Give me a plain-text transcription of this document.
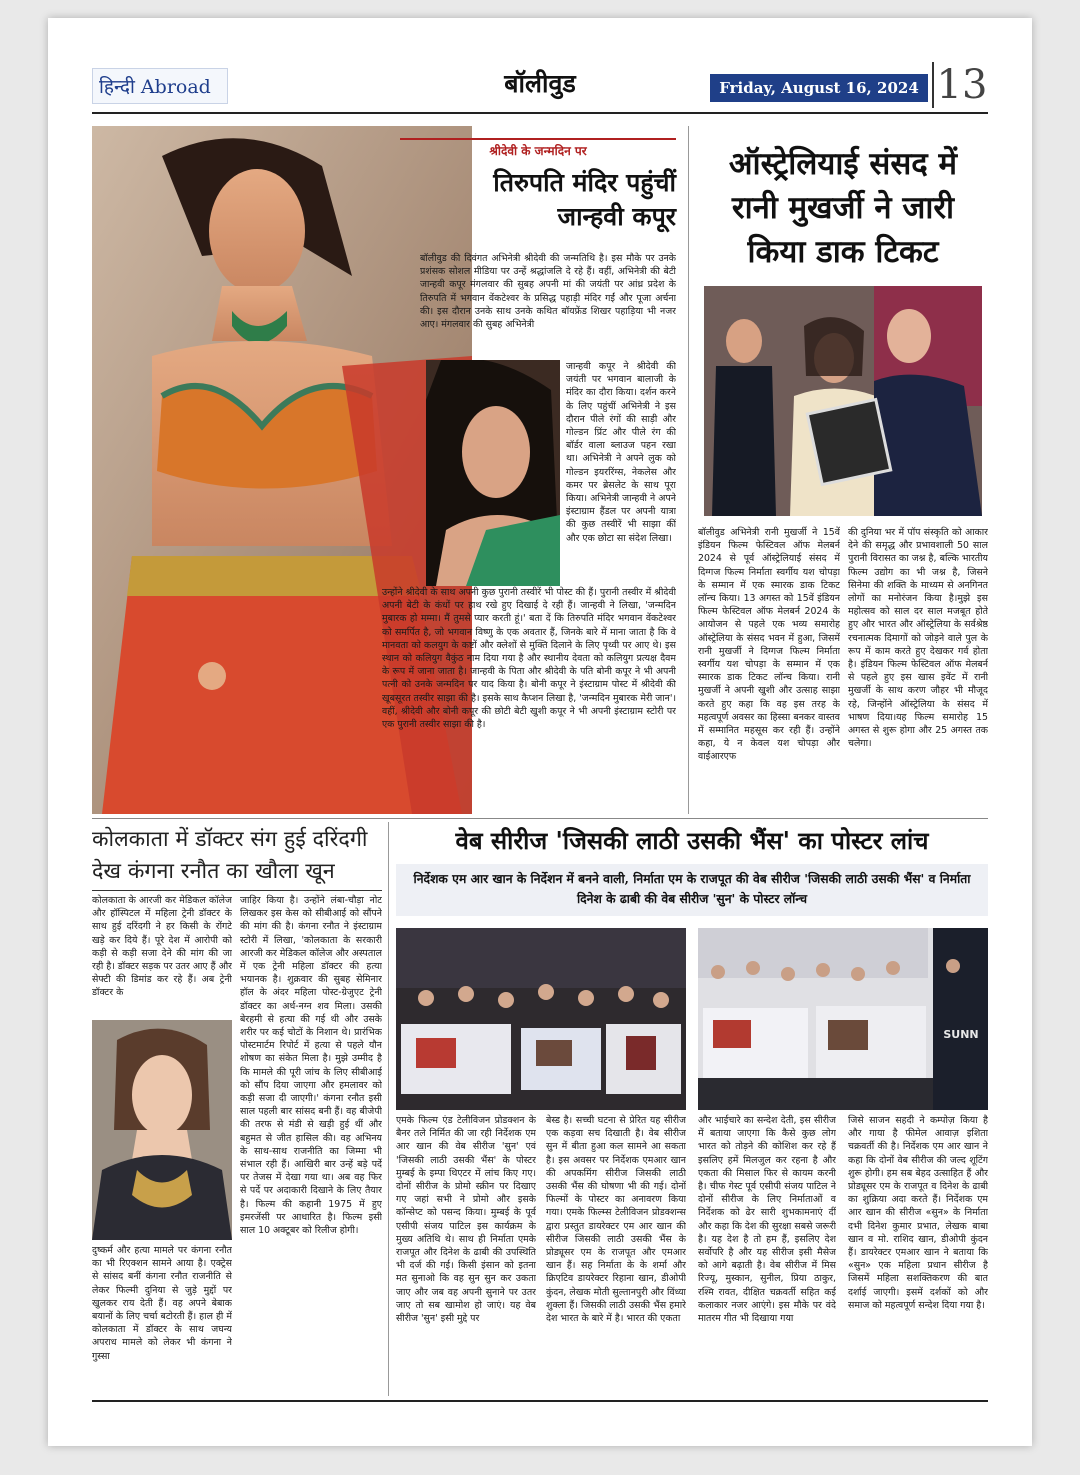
हिन्दी Abroad	बॉलीवुड	Friday, August 16, 2024 13
श्रीदेवी के जन्मदिन पर
तिरुपति मंदिर पहुंचीं
जान्हवी कपूर
बॉलीवुड की दिवंगत अभिनेत्री श्रीदेवी की जन्मतिथि है। इस मौके पर उनके प्रशंसक सोशल मीडिया पर उन्हें श्रद्धांजलि दे रहे हैं। वहीं, अभिनेत्री की बेटी जान्हवी कपूर मंगलवार की सुबह अपनी मां की जयंती पर आंध्र प्रदेश के तिरुपति में भगवान वेंकटेश्वर के प्रसिद्ध पहाड़ी मंदिर गईं और पूजा अर्चना की। इस दौरान उनके साथ उनके कथित बॉयफ्रेंड शिखर पहाड़िया भी नजर आए। मंगलवार की सुबह अभिनेत्री
जान्हवी कपूर ने श्रीदेवी की जयंती पर भगवान बालाजी के मंदिर का दौरा किया। दर्शन करने के लिए पहुंचीं अभिनेत्री ने इस दौरान पीले रंगों की साड़ी और गोल्डन प्रिंट और पीले रंग की बॉर्डर वाला ब्लाउज पहन रखा था। अभिनेत्री ने अपने लुक को गोल्डन इयररिंग्स, नेकलेस और कमर पर ब्रेसलेट के साथ पूरा किया। अभिनेत्री जान्हवी ने अपने इंस्टाग्राम हैंडल पर अपनी यात्रा की कुछ तस्वीरें भी साझा कीं और एक छोटा सा संदेश लिखा।
उन्होंने श्रीदेवी के साथ अपनी कुछ पुरानी तस्वीरें भी पोस्ट की हैं। पुरानी तस्वीर में श्रीदेवी अपनी बेटी के कंधों पर हाथ रखे हुए दिखाई दे रही हैं। जान्हवी ने लिखा, 'जन्मदिन मुबारक हो मम्मा। मैं तुमसे प्यार करती हूं।' बता दें कि तिरुपति मंदिर भगवान वेंकटेश्वर को समर्पित है, जो भगवान विष्णु के एक अवतार हैं, जिनके बारे में माना जाता है कि वे मानवता को कलयुग के कष्टों और क्लेशों से मुक्ति दिलाने के लिए पृथ्वी पर आए थे। इस स्थान को कलियुग वैकुंठ नाम दिया गया है और स्थानीय देवता को कलियुग प्रत्यक्ष दैवम के रूप में जाना जाता है। जान्हवी के पिता और श्रीदेवी के पति बोनी कपूर ने भी अपनी पत्नी को उनके जन्मदिन पर याद किया है। बोनी कपूर ने इंस्टाग्राम पोस्ट में श्रीदेवी की खूबसूरत तस्वीर साझा की है। इसके साथ कैप्शन लिखा है, 'जन्मदिन मुबारक मेरी जान'। वहीं, श्रीदेवी और बोनी कपूर की छोटी बेटी खुशी कपूर ने भी अपनी इंस्टाग्राम स्टोरी पर एक पुरानी तस्वीर साझा की है।
ऑस्ट्रेलियाई संसद में
रानी मुखर्जी ने जारी
किया डाक टिकट
बॉलीवुड अभिनेत्री रानी मुखर्जी ने 15वें इंडियन फिल्म फेस्टिवल ऑफ मेलबर्न 2024 से पूर्व ऑस्ट्रेलियाई संसद में दिग्गज फिल्म निर्माता स्वर्गीय यश चोपड़ा के सम्मान में एक स्मारक डाक टिकट लॉन्च किया। 13 अगस्त को 15वें इंडियन फिल्म फेस्टिवल ऑफ मेलबर्न 2024 के आयोजन से पहले एक भव्य समारोह ऑस्ट्रेलिया के संसद भवन में हुआ, जिसमें रानी मुखर्जी ने दिग्गज फिल्म निर्माता स्वर्गीय यश चोपड़ा के सम्मान में एक स्मारक डाक टिकट लॉन्च किया। रानी मुखर्जी ने अपनी खुशी और उत्साह साझा करते हुए कहा कि वह इस तरह के महत्वपूर्ण अवसर का हिस्सा बनकर वास्तव में सम्मानित महसूस कर रही हैं। उन्होंने कहा, ये न केवल यश चोपड़ा और वाईआरएफ
की दुनिया भर में पॉप संस्कृति को आकार देने की समृद्ध और प्रभावशाली 50 साल पुरानी विरासत का जश्न है, बल्कि भारतीय फिल्म उद्योग का भी जश्न है, जिसने सिनेमा की शक्ति के माध्यम से अनगिनत लोगों का मनोरंजन किया है।मुझे इस महोत्सव को साल दर साल मजबूत होते हुए और भारत और ऑस्ट्रेलिया के सर्वश्रेष्ठ रचनात्मक दिमागों को जोड़ने वाले पुल के रूप में काम करते हुए देखकर गर्व होता है। इंडियन फिल्म फेस्टिवल ऑफ मेलबर्न से पहले हुए इस खास इवेंट में रानी मुखर्जी के साथ करण जौहर भी मौजूद रहे, जिन्होंने ऑस्ट्रेलिया के संसद में भाषण दिया।यह फिल्म समारोह 15 अगस्त से शुरू होगा और 25 अगस्त तक चलेगा।
कोलकाता में डॉक्टर संग हुई दरिंदगी
देख कंगना रनौत का खौला खून
कोलकाता के आरजी कर मेडिकल कॉलेज और हॉस्पिटल में महिला ट्रेनी डॉक्टर के साथ हुई दरिंदगी ने हर किसी के रोंगटे खड़े कर दिये हैं। पूरे देश में आरोपी को कड़ी से कड़ी सजा देने की मांग की जा रही है। डॉक्टर सड़क पर उतर आए हैं और सेफ्टी की डिमांड कर रहे हैं। अब ट्रेनी डॉक्टर के
दुष्कर्म और हत्या मामले पर कंगना रनौत का भी रिएक्शन सामने आया है। एक्ट्रेस से सांसद बनीं कंगना रनौत राजनीति से लेकर फिल्मी दुनिया से जुड़े मुद्दों पर खुलकर राय देती हैं। वह अपने बेबाक बयानों के लिए चर्चा बटोरती हैं। हाल ही में कोलकाता में डॉक्टर के साथ जघन्य अपराध मामले को लेकर भी कंगना ने गुस्सा
जाहिर किया है। उन्होंने लंबा-चौड़ा नोट लिखकर इस केस को सीबीआई को सौंपने की मांग की है। कंगना रनौत ने इंस्टाग्राम स्टोरी में लिखा, 'कोलकाता के सरकारी आरजी कर मेडिकल कॉलेज और अस्पताल में एक ट्रेनी महिला डॉक्टर की हत्या भयानक है। शुक्रवार की सुबह सेमिनार हॉल के अंदर महिला पोस्ट-ग्रेजुएट ट्रेनी डॉक्टर का अर्ध-नग्न शव मिला। उसकी बेरहमी से हत्या की गई थी और उसके शरीर पर कई चोटों के निशान थे। प्रारंभिक पोस्टमार्टम रिपोर्ट में हत्या से पहले यौन शोषण का संकेत मिला है। मुझे उम्मीद है कि मामले की पूरी जांच के लिए सीबीआई को सौंप दिया जाएगा और हमलावर को कड़ी सजा दी जाएगी।' कंगना रनौत इसी साल पहली बार सांसद बनी हैं। वह बीजेपी की तरफ से मंडी से खड़ी हुई थीं और बहुमत से जीत हासिल की। वह अभिनय के साथ-साथ राजनीति का जिम्मा भी संभाल रही हैं। आखिरी बार उन्हें बड़े पर्दे पर तेजस में देखा गया था। अब वह फिर से पर्दे पर अदाकारी दिखाने के लिए तैयार है। फिल्म की कहानी 1975 में हुए इमरजेंसी पर आधारित है। फिल्म इसी साल 10 अक्टूबर को रिलीज होगी।
वेब सीरीज 'जिसकी लाठी उसकी भैंस' का पोस्टर लांच
निर्देशक एम आर खान के निर्देशन में बनने वाली, निर्माता एम के राजपूत की वेब सीरीज 'जिसकी लाठी उसकी भैंस' व निर्माता दिनेश के ढाबी की वेब सीरीज 'सुन' के पोस्टर लॉन्च
SUNN
एमके फिल्म एंड टेलीविजन प्रोडक्शन के बैनर तले निर्मित की जा रही निर्देशक एम आर खान की वेब सीरीज 'सुन' एवं 'जिसकी लाठी उसकी भैंस' के पोस्टर मुम्बई के इम्पा थिएटर में लांच किए गए। दोनों सीरीज के प्रोमो स्क्रीन पर दिखाए गए जहां सभी ने प्रोमो और इसके कॉन्सेप्ट को पसन्द किया। मुम्बई के पूर्व एसीपी संजय पाटिल इस कार्यक्रम के मुख्य अतिथि थे। साथ ही निर्माता एमके राजपूत और दिनेश के ढाबी की उपस्थिति भी दर्ज की गई। किसी इंसान को इतना मत सुनाओ कि वह सुन सुन कर उकता जाए और जब वह अपनी सुनाने पर उतर जाए तो सब खामोश हो जाएं। यह वेब सीरीज 'सुन' इसी मुद्दे पर
बेस्ड है। सच्ची घटना से प्रेरित यह सीरीज एक कड़वा सच दिखाती है। वेब सीरीज सुन में बीता हुआ कल सामने आ सकता है। इस अवसर पर निर्देशक एमआर खान की अपकमिंग सीरीज जिसकी लाठी उसकी भैंस की घोषणा भी की गई। दोनों फिल्मों के पोस्टर का अनावरण किया गया। एमके फिल्म्स टेलीविजन प्रोडक्शन्स द्वारा प्रस्तुत डायरेक्टर एम आर खान की सीरीज जिसकी लाठी उसकी भैंस के प्रोड्यूसर एम के राजपूत और एमआर खान हैं। सह निर्माता के के शर्मा और क्रिएटिव डायरेक्टर रिहाना खान, डीओपी कुंदन, लेखक मोती सुल्तानपुरी और विंध्या शुक्ला हैं। जिसकी लाठी उसकी भैंस हमारे देश भारत के बारे में है। भारत की एकता
और भाईचारे का सन्देश देती, इस सीरीज में बताया जाएगा कि कैसे कुछ लोग भारत को तोड़ने की कोशिश कर रहे हैं इसलिए हमें मिलजुल कर रहना है और एकता की मिसाल फिर से कायम करनी है। चीफ गेस्ट पूर्व एसीपी संजय पाटिल ने दोनों सीरीज के लिए निर्माताओं व निर्देशक को ढेर सारी शुभकामनाएं दीं और कहा कि देश की सुरक्षा सबसे जरूरी है। यह देश है तो हम हैं, इसलिए देश सर्वोपरि है और यह सीरीज इसी मैसेज को आगे बढ़ाती है। वेब सीरीज में मिस रिज्यू, मुस्कान, सुनील, प्रिया ठाकुर, रश्मि रावत, दीक्षित चक्रवर्ती सहित कई कलाकार नजर आएंगे। इस मौके पर वंदे मातरम गीत भी दिखाया गया
जिसे साजन सहदी ने कम्पोज़ किया है और गाया है फीमेल आवाज़ इशिता चक्रवर्ती की है। निर्देशक एम आर खान ने कहा कि दोनों वेब सीरीज की जल्द शूटिंग शुरू होगी। हम सब बेहद उत्साहित हैं और प्रोड्यूसर एम के राजपूत व दिनेश के ढाबी का शुक्रिया अदा करते हैं। निर्देशक एम आर खान की सीरीज «सुन» के निर्माता दभी दिनेश कुमार प्रभात, लेखक बाबा खान व मो. राशिद खान, डीओपी कुंदन हैं। डायरेक्टर एमआर खान ने बताया कि «सुन» एक महिला प्रधान सीरीज है जिसमें महिला सशक्तिकरण की बात दर्शाई जाएगी। इसमें दर्शकों को और समाज को महत्वपूर्ण सन्देश दिया गया है।
